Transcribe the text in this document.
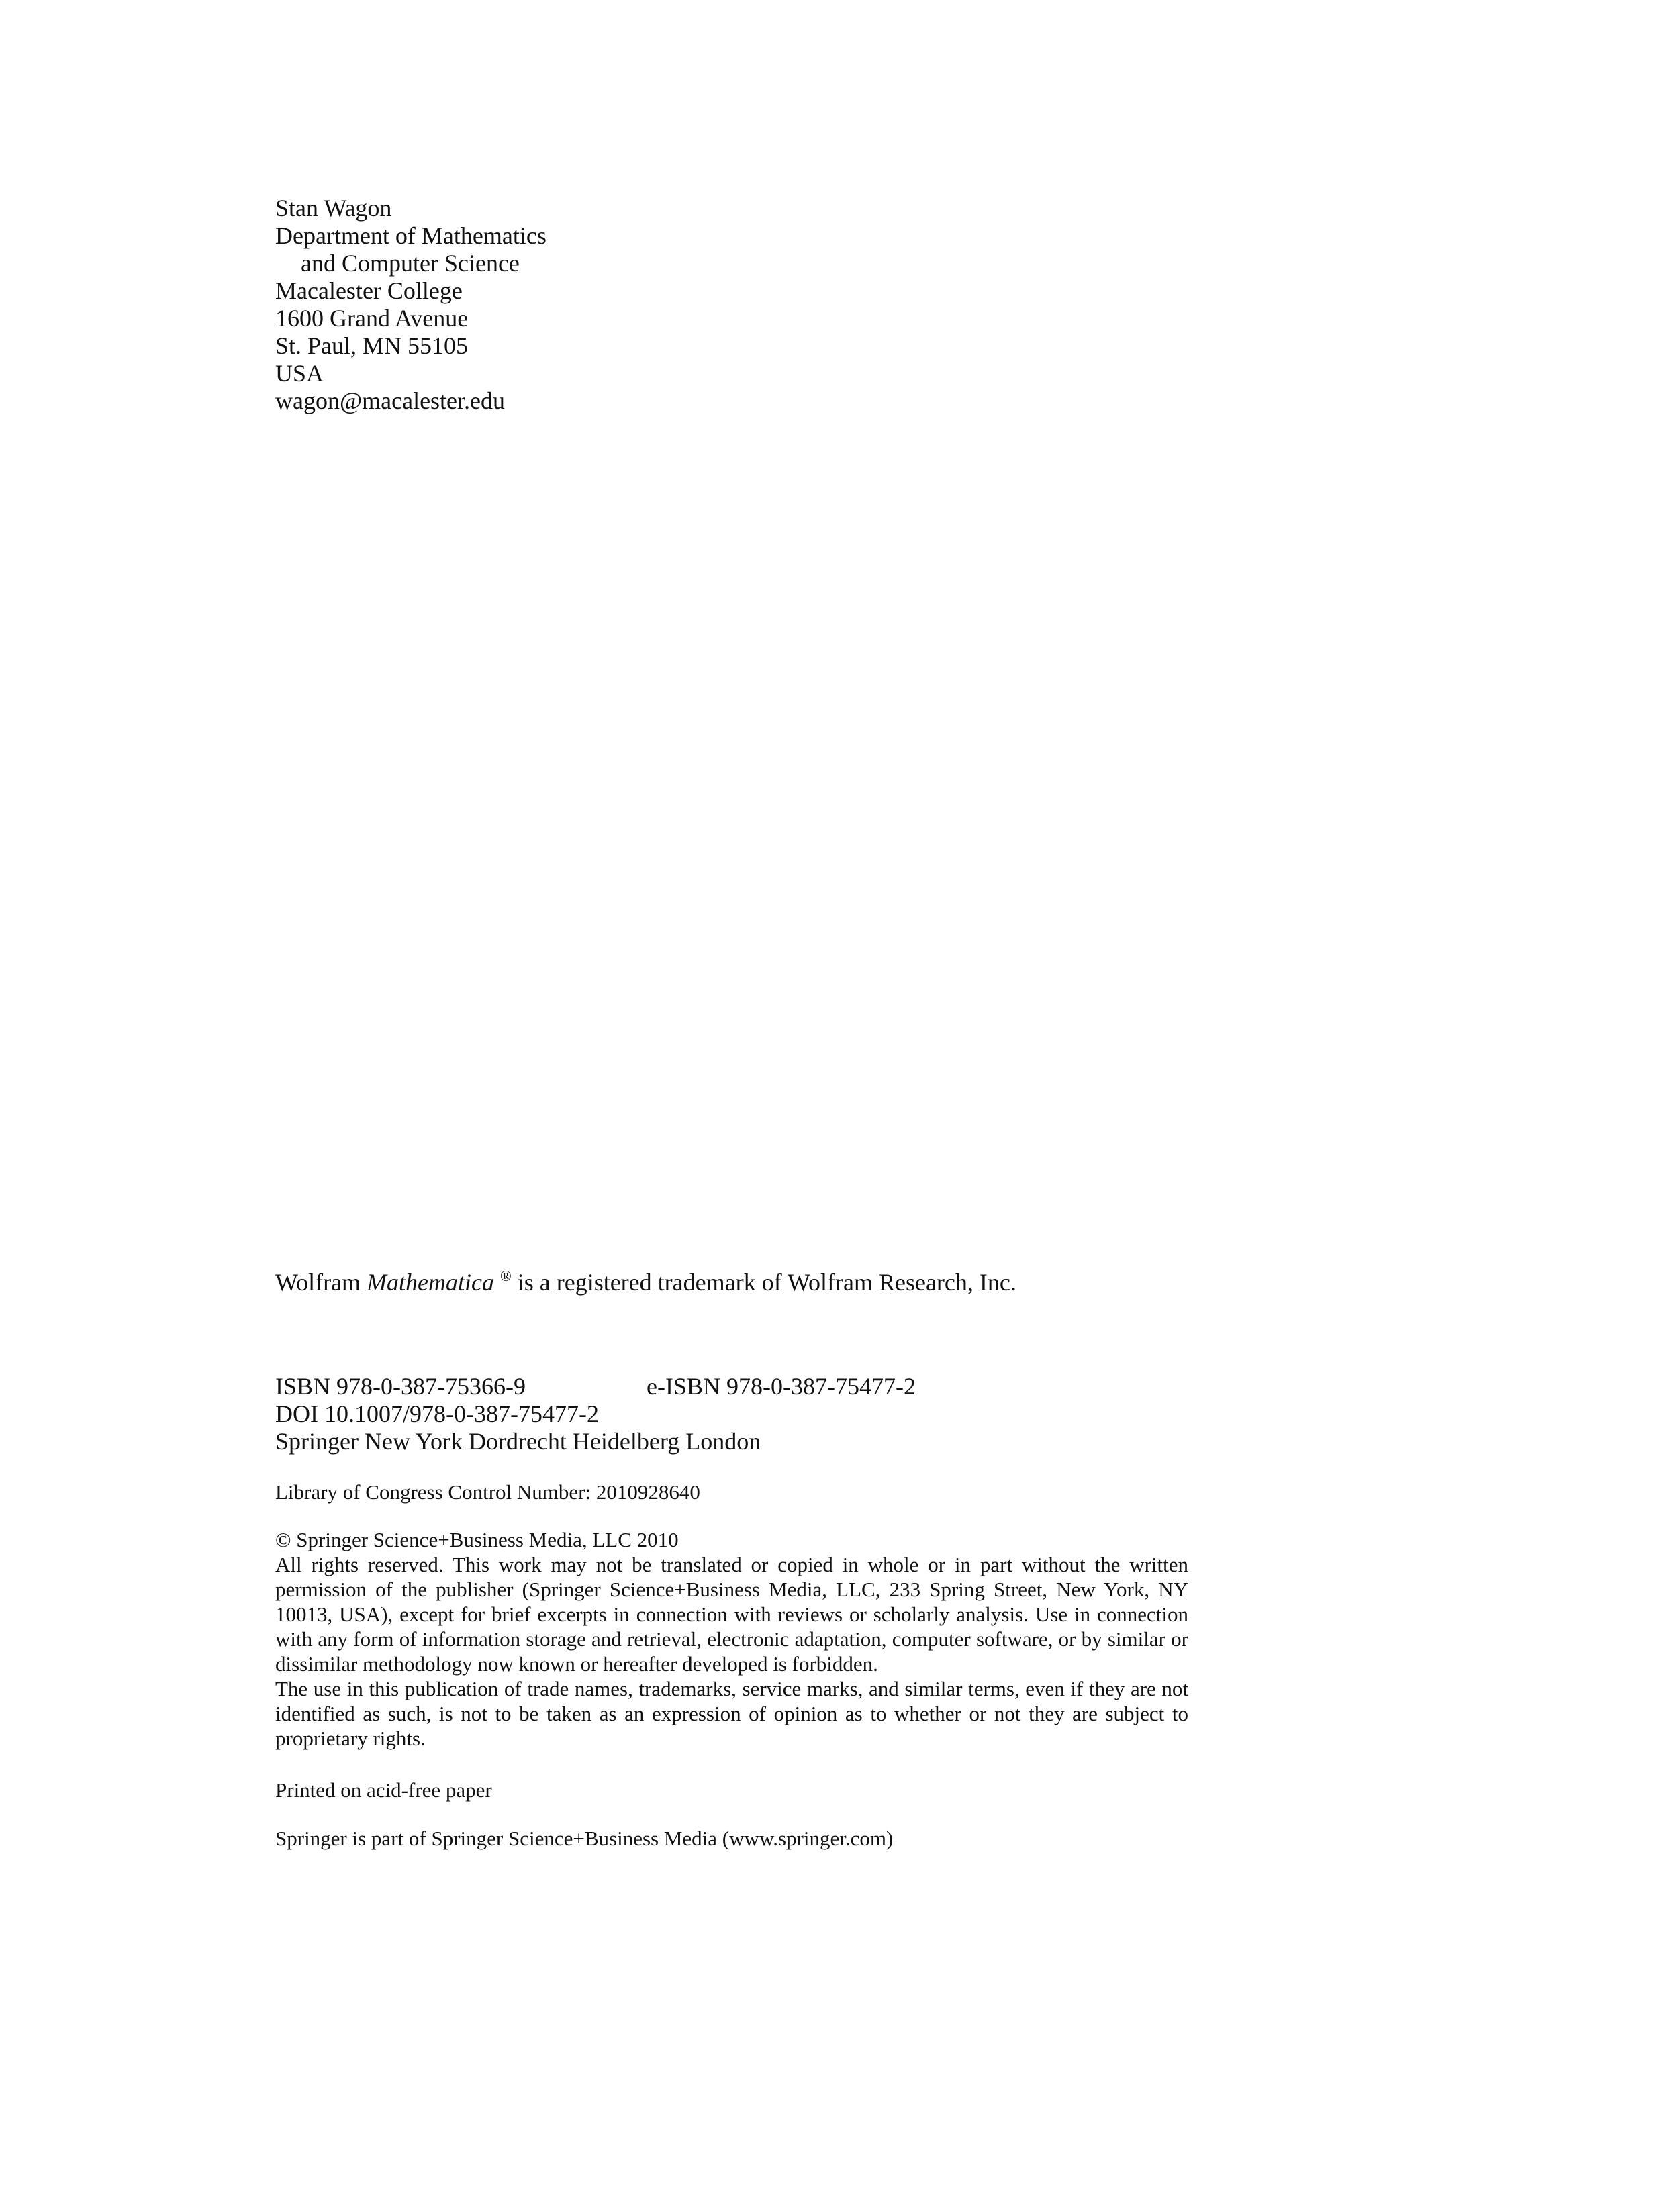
Stan Wagon
Department of Mathematics
and Computer Science
Macalester College
1600 Grand Avenue
St. Paul, MN 55105
USA
wagon@macalester.edu
Wolfram Mathematica ® is a registered trademark of Wolfram Research, Inc.
ISBN 978-0-387-75366-9	e-ISBN 978-0-387-75477-2
DOI 10.1007/978-0-387-75477-2
Springer New York Dordrecht Heidelberg London
Library of Congress Control Number: 2010928640

© Springer Science+Business Media, LLC 2010

All rights reserved. This work may not be translated or copied in whole or in part without the written permission of the publisher (Springer Science+Business Media, LLC, 233 Spring Street, New York, NY 10013, USA), except for brief excerpts in connection with reviews or scholarly analysis. Use in connection with any form of information storage and retrieval, electronic adaptation, computer software, or by similar or dissimilar methodology now known or hereafter developed is forbidden.

The use in this publication of trade names, trademarks, service marks, and similar terms, even if they are not identified as such, is not to be taken as an expression of opinion as to whether or not they are subject to proprietary rights.

Printed on acid-free paper
Springer is part of Springer Science+Business Media (www.springer.com)
